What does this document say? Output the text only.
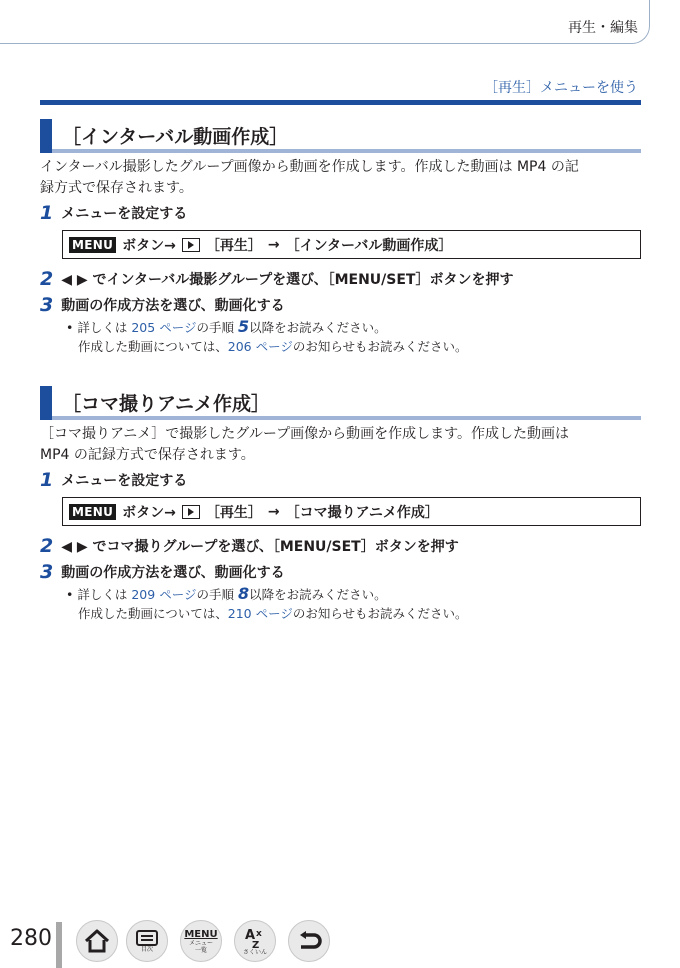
再生・編集
［再生］メニューを使う
［インターバル動画作成］
インターバル撮影したグループ画像から動画を作成します。作成した動画は MP4 の記
録方式で保存されます。
1 メニューを設定する
MENU ボタン→ ［再生］ → ［インターバル動画作成］
2 ◀ ▶ でインターバル撮影グループを選び、［MENU/SET］ボタンを押す
3 動画の作成方法を選び、動画化する
• 詳しくは 205 ページの手順 5以降をお読みください。
作成した動画については、206 ページのお知らせもお読みください。
［コマ撮りアニメ作成］
［コマ撮りアニメ］で撮影したグループ画像から動画を作成します。作成した動画は
MP4 の記録方式で保存されます。
1 メニューを設定する
MENU ボタン→ ［再生］ → ［コマ撮りアニメ作成］
2 ◀ ▶ でコマ撮りグループを選び、［MENU/SET］ボタンを押す
3 動画の作成方法を選び、動画化する
• 詳しくは 209 ページの手順 8以降をお読みください。
作成した動画については、210 ページのお知らせもお読みください。
280	目次
MENU
メニュー
一覧
A x
Z
さくいん
